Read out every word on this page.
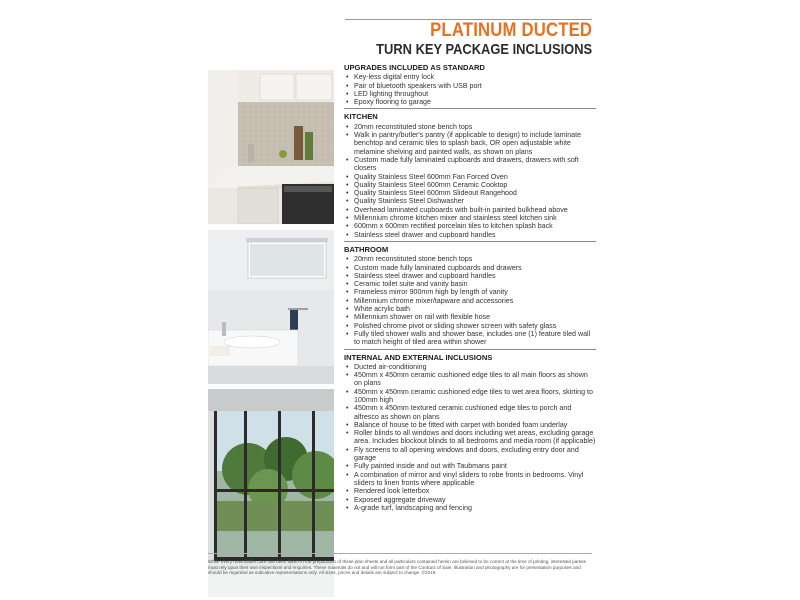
PLATINUM DUCTED
TURN KEY PACKAGE INCLUSIONS
UPGRADES INCLUDED AS STANDARD
• Key-less digital entry lock
• Pair of bluetooth speakers with USB port
• LED lighting throughout
• Epoxy flooring to garage
KITCHEN
• 20mm reconstituted stone bench tops
• Walk in pantry/butler's pantry (if applicable to design) to include laminate benchtop and ceramic tiles to splash back, OR open adjustable white melamine shelving and painted walls, as shown on plans
• Custom made fully laminated cupboards and drawers, drawers with soft closers
• Quality Stainless Steel 600mm Fan Forced Oven
• Quality Stainless Steel 600mm Ceramic Cooktop
• Quality Stainless Steel 600mm Slideout Rangehood
• Quality Stainless Steel Dishwasher
• Overhead laminated cupboards with built-in painted bulkhead above
• Millennium chrome kitchen mixer and stainless steel kitchen sink
• 600mm x 600mm rectified porcelain tiles to kitchen splash back
• Stainless steel drawer and cupboard handles
BATHROOM
• 20mm reconstituted stone bench tops
• Custom made fully laminated cupboards and drawers
• Stainless steel drawer and cupboard handles
• Ceramic toilet suite and vanity basin
• Frameless mirror 900mm high by length of vanity
• Millennium chrome mixer/tapware and accessories
• White acrylic bath
• Millennium shower on rail with flexible hose
• Polished chrome pivot or sliding shower screen with safety glass
• Fully tiled shower walls and shower base, includes one (1) feature tiled wall to match height of tiled area within shower
INTERNAL AND EXTERNAL INCLUSIONS
• Ducted air-conditioning
• 450mm x 450mm ceramic cushioned edge tiles to all main floors as shown on plans
• 450mm x 450mm ceramic cushioned edge tiles to wet area floors, skirting to 100mm high
• 450mm x 450mm textured ceramic cushioned edge tiles to porch and alfresco as shown on plans
• Balance of house to be fitted with carpet with bonded foam underlay
• Roller blinds to all windows and doors including wet areas, excluding garage area. Includes blockout blinds to all bedrooms and media room (if applicable)
• Fly screens to all opening windows and doors, excluding entry door and garage
• Fully painted inside and out with Taubmans paint
• A combination of mirror and vinyl sliders to robe fronts in bedrooms. Vinyl sliders to linen fronts where applicable
• Rendered look letterbox
• Exposed aggregate driveway
• A-grade turf, landscaping and fencing
While every reasonable care has been taken in the preparation of these plan sheets and all particulars contained herein are believed to be correct at the time of printing, interested parties must rely upon their own inspections and enquiries. These materials do not and will not form part of the Contract of Sale. Illustration and photography are for presentation purposes and should be regarded as indicative representations only. All sizes, prices and details are subject to change. ©2019.
